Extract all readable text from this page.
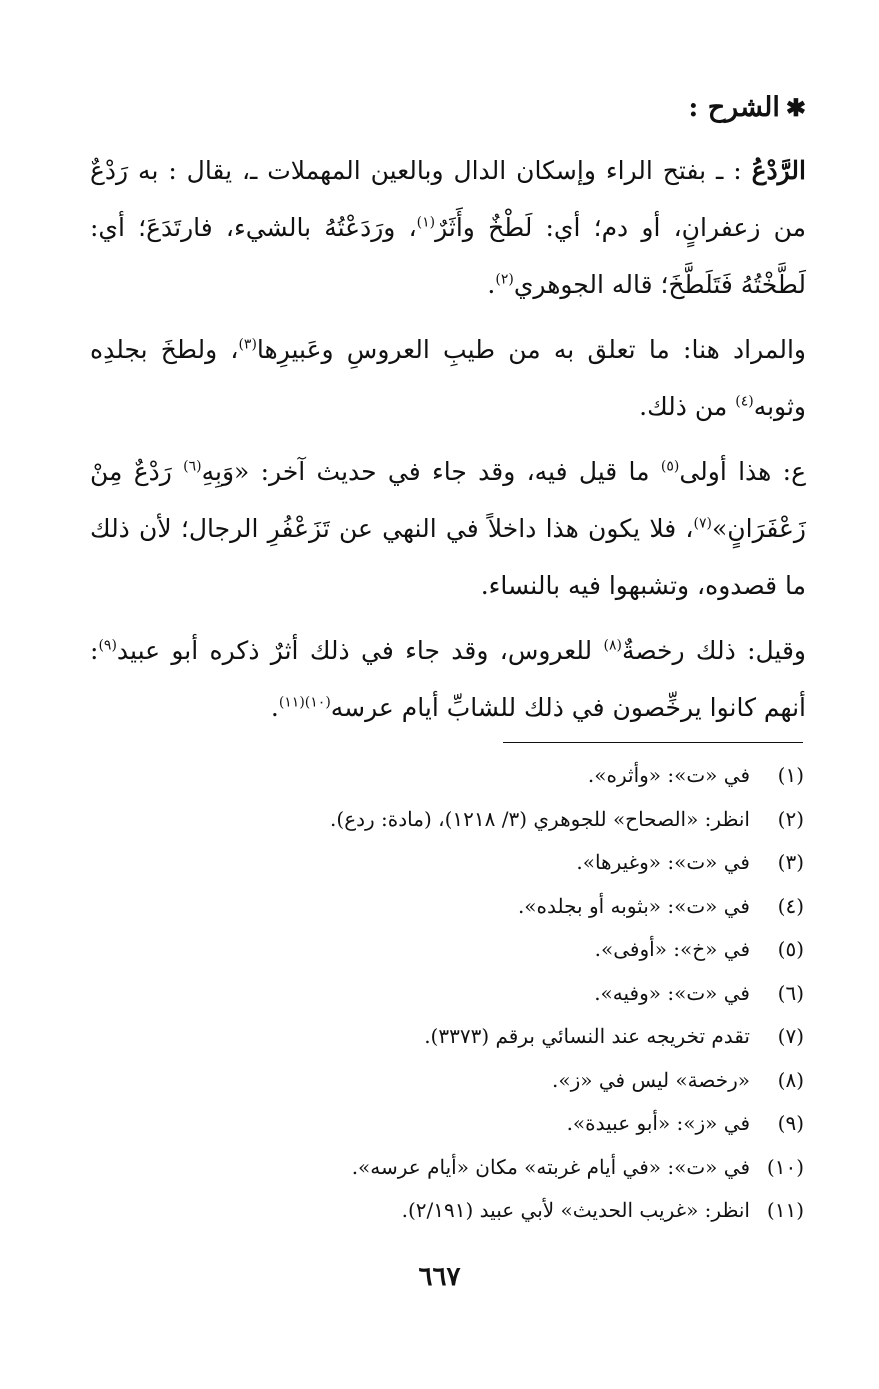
✱الشرح :

الرَّدْعُ : ـ بفتح الراء وإسكان الدال وبالعين المهملات ـ، يقال : به رَدْعٌ من زعفرانٍ، أو دم؛ أي: لَطْخٌ وأَثَرٌ$^{(١)}$، ورَدَعْتُهُ بالشيء، فارتَدَعَ؛ أي: لَطَّخْتُهُ فَتَلَطَّخَ؛ قاله الجوهري$^{(٢)}$.

والمراد هنا: ما تعلق به من طيبِ العروسِ وعَبيرِها$^{(٣)}$، ولطخَ بجلدِه وثوبه$^{(٤)}$ من ذلك.

ع: هذا أولى$^{(٥)}$ ما قيل فيه، وقد جاء في حديث آخر: «وَبِهِ$^{(٦)}$ رَدْعٌ مِنْ زَعْفَرَانٍ»$^{(٧)}$، فلا يكون هذا داخلاً في النهي عن تَزَعْفُرِ الرجال؛ لأن ذلك ما قصدوه، وتشبهوا فيه بالنساء.

وقيل: ذلك رخصةٌ$^{(٨)}$ للعروس، وقد جاء في ذلك أثرٌ ذكره أبو عبيد$^{(٩)}$: أنهم كانوا يرخِّصون في ذلك للشابِّ أيام عرسه$^{(١٠)(١١)}$.

(١)
في «ت»: «وأثره».
(٢)
انظر: «الصحاح» للجوهري (٣/ ١٢١٨)، (مادة: ردع).
(٣)
في «ت»: «وغيرها».
(٤)
في «ت»: «بثوبه أو بجلده».
(٥)
في «خ»: «أوفى».
(٦)
في «ت»: «وفيه».
(٧)
تقدم تخريجه عند النسائي برقم (٣٣٧٣).
(٨)
«رخصة» ليس في «ز».
(٩)
في «ز»: «أبو عبيدة».
(١٠)
في «ت»: «في أيام غربته» مكان «أيام عرسه».
(١١)
انظر: «غريب الحديث» لأبي عبيد (٢/١٩١).
٦٦٧
